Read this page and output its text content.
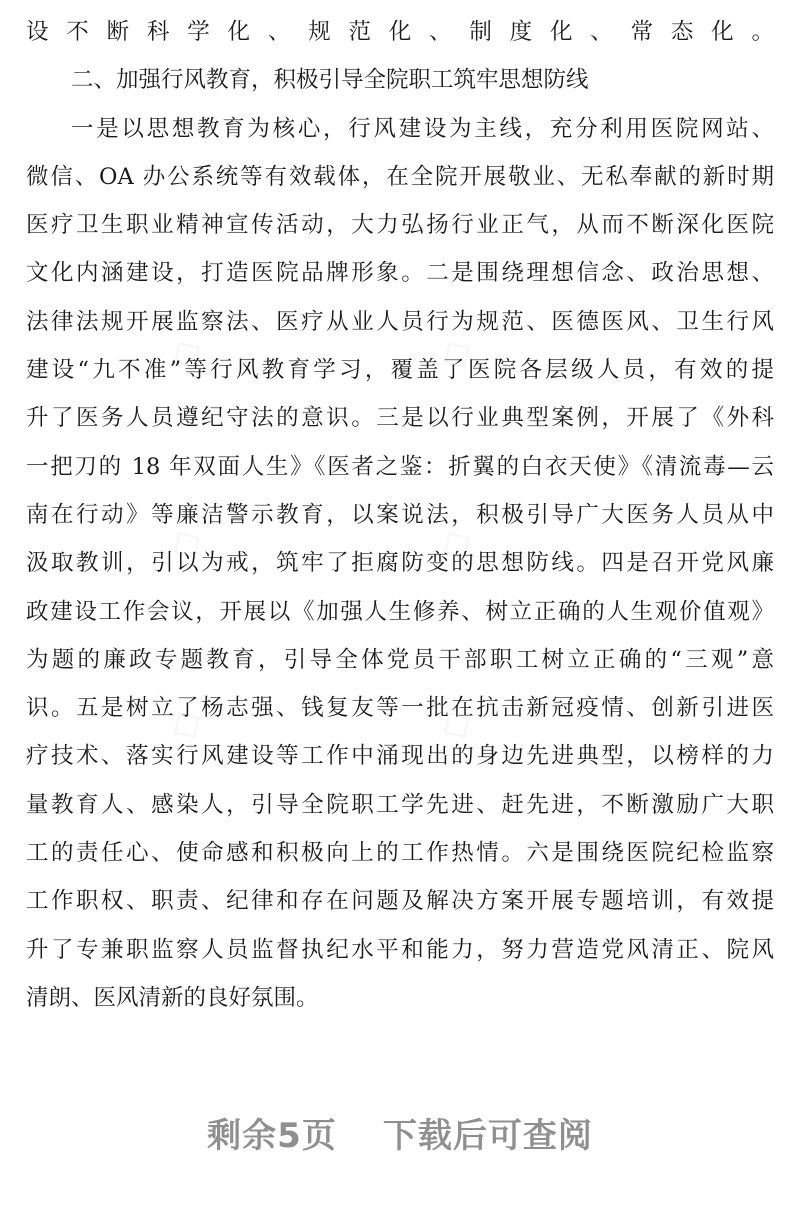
设不断科学化、规范化、制度化、常态化。
二、加强行风教育，积极引导全院职工筑牢思想防线
一是以思想教育为核心，行风建设为主线，充分利用医院网站、
微信、OA 办公系统等有效载体，在全院开展敬业、无私奉献的新时期
医疗卫生职业精神宣传活动，大力弘扬行业正气，从而不断深化医院
文化内涵建设，打造医院品牌形象。二是围绕理想信念、政治思想、
法律法规开展监察法、医疗从业人员行为规范、医德医风、卫生行风
建设“九不准”等行风教育学习，覆盖了医院各层级人员，有效的提
升了医务人员遵纪守法的意识。三是以行业典型案例，开展了《外科
一把刀的 18 年双面人生》《医者之鉴：折翼的白衣天使》《清流毒—云
南在行动》等廉洁警示教育，以案说法，积极引导广大医务人员从中
汲取教训，引以为戒，筑牢了拒腐防变的思想防线。四是召开党风廉
政建设工作会议，开展以《加强人生修养、树立正确的人生观价值观》
为题的廉政专题教育，引导全体党员干部职工树立正确的“三观”意
识。五是树立了杨志强、钱复友等一批在抗击新冠疫情、创新引进医
疗技术、落实行风建设等工作中涌现出的身边先进典型，以榜样的力
量教育人、感染人，引导全院职工学先进、赶先进，不断激励广大职
工的责任心、使命感和积极向上的工作热情。六是围绕医院纪检监察
工作职权、职责、纪律和存在问题及解决方案开展专题培训，有效提
升了专兼职监察人员监督执纪水平和能力，努力营造党风清正、院风
清朗、医风清新的良好氛围。
剩余5页 下载后可查阅
